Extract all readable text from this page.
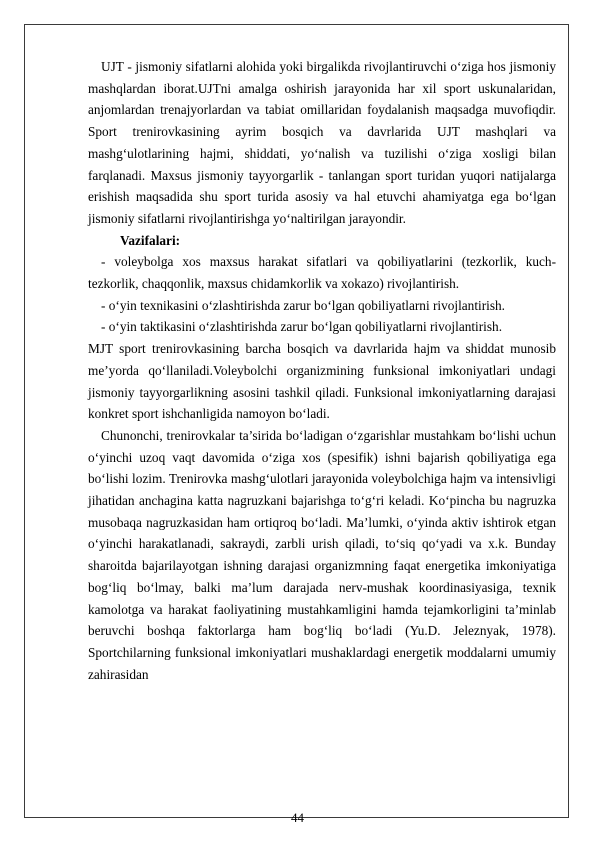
UJT - jismoniy sifatlarni alohida yoki birgalikda rivojlantiruvchi o‘ziga hos jismoniy mashqlardan iborat.UJTni amalga oshirish jarayonida har xil sport uskunalaridan, anjomlardan trenajyorlardan va tabiat omillaridan foydalanish maqsadga muvofiqdir. Sport trenirovkasining ayrim bosqich va davrlarida UJT mashqlari va mashg‘ulotlarining hajmi, shiddati, yo‘nalish va tuzilishi o‘ziga xosligi bilan farqlanadi. Maxsus jismoniy tayyorgarlik - tanlangan sport turidan yuqori natijalarga erishish maqsadida shu sport turida asosiy va hal etuvchi ahamiyatga ega bo‘lgan jismoniy sifatlarni rivojlantirishga yo‘naltirilgan jarayondir.

Vazifalari:

- voleybolga xos maxsus harakat sifatlari va qobiliyatlarini (tezkorlik, kuch-tezkorlik, chaqqonlik, maxsus chidamkorlik va xokazo) rivojlantirish.

- o‘yin texnikasini o‘zlashtirishda zarur bo‘lgan qobiliyatlarni rivojlantirish.

- o‘yin taktikasini o‘zlashtirishda zarur bo‘lgan qobiliyatlarni rivojlantirish.

MJT sport trenirovkasining barcha bosqich va davrlarida hajm va shiddat munosib me’yorda qo‘llaniladi.Voleybolchi organizmining funksional imkoniyatlari undagi jismoniy tayyorgarlikning asosini tashkil qiladi. Funksional imkoniyatlarning darajasi konkret sport ishchanligida namoyon bo‘ladi.

Chunonchi, trenirovkalar ta’sirida bo‘ladigan o‘zgarishlar mustahkam bo‘lishi uchun o‘yinchi uzoq vaqt davomida o‘ziga xos (spesifik) ishni bajarish qobiliyatiga ega bo‘lishi lozim. Trenirovka mashg‘ulotlari jarayonida voleybolchiga hajm va intensivligi jihatidan anchagina katta nagruzkani bajarishga to‘g‘ri keladi. Ko‘pincha bu nagruzka musobaqa nagruzkasidan ham ortiqroq bo‘ladi. Ma’lumki, o‘yinda aktiv ishtirok etgan o‘yinchi harakatlanadi, sakraydi, zarbli urish qiladi, to‘siq qo‘yadi va x.k. Bunday sharoitda bajarilayotgan ishning darajasi organizmning faqat energetika imkoniyatiga bog‘liq bo‘lmay, balki ma’lum darajada nerv-mushak koordinasiyasiga, texnik kamolotga va harakat faoliyatining mustahkamligini hamda tejamkorligini ta’minlab beruvchi boshqa faktorlarga ham bog‘liq bo‘ladi (Yu.D. Jeleznyak, 1978). Sportchilarning funksional imkoniyatlari mushaklardagi energetik moddalarni umumiy zahirasidan

44
